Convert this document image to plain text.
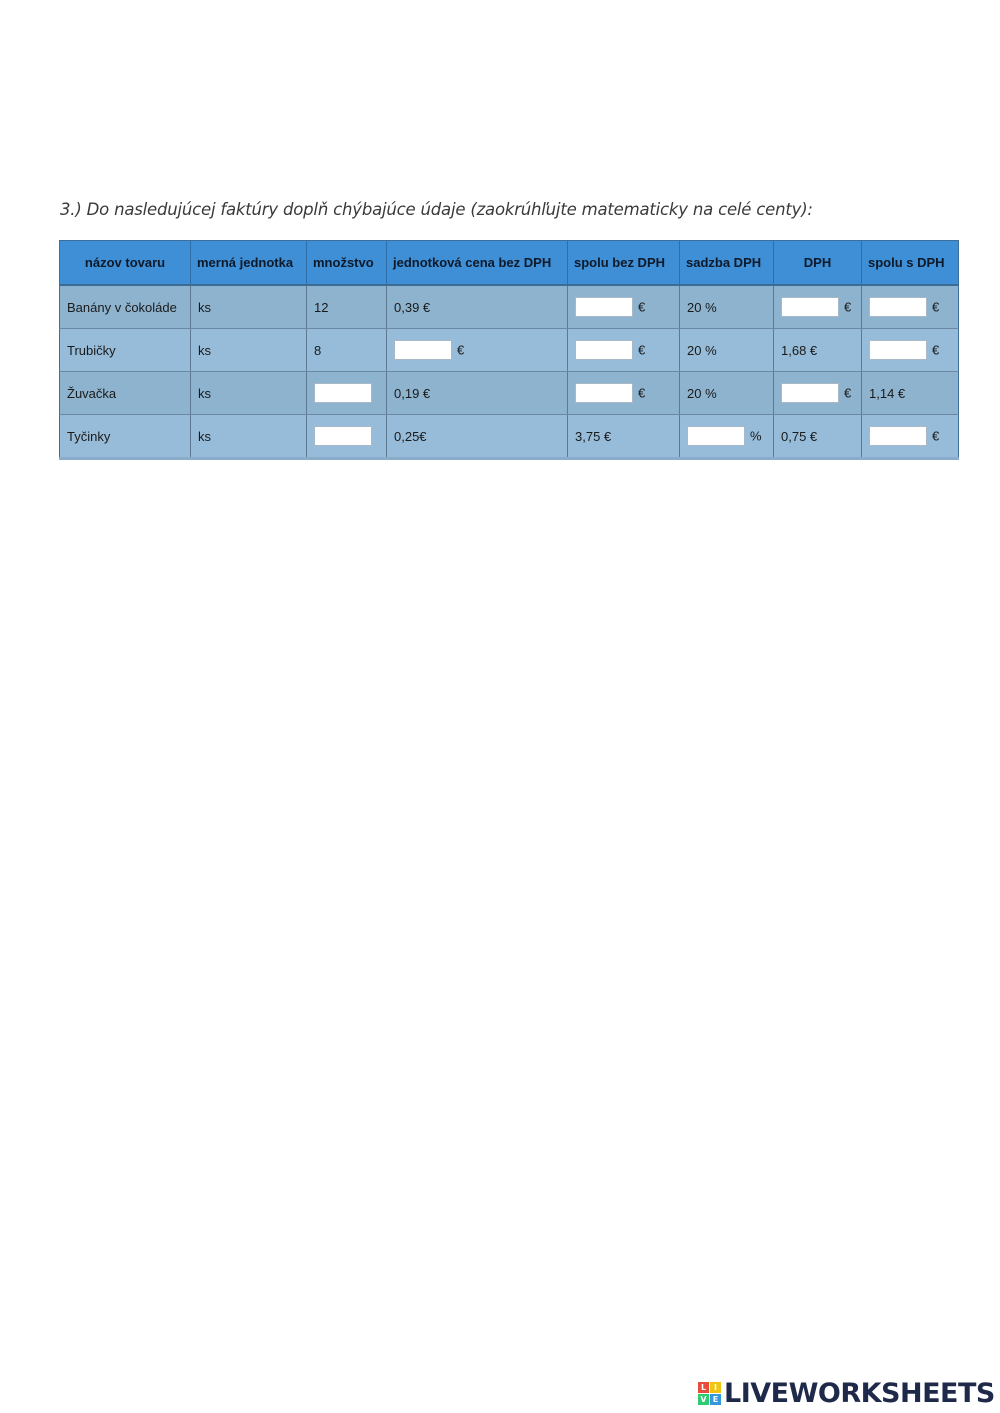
3.) Do nasledujúcej faktúry doplň chýbajúce údaje (zaokrúhľujte matematicky na celé centy):
názov tovaru	merná jednotka	množstvo	jednotková cena bez DPH	spolu bez DPH	sadzba DPH	DPH	spolu s DPH
Banány v čokoláde	ks	12	0,39 €	€	20 %	€	€
Trubičky	ks	8	€	€	20 %	1,68 €	€
Žuvačka	ks		0,19 €	€	20 %	€	1,14 €
Tyčinky	ks		0,25€	3,75 €	%	0,75 €	€
L I
V E LIVEWORKSHEETS
